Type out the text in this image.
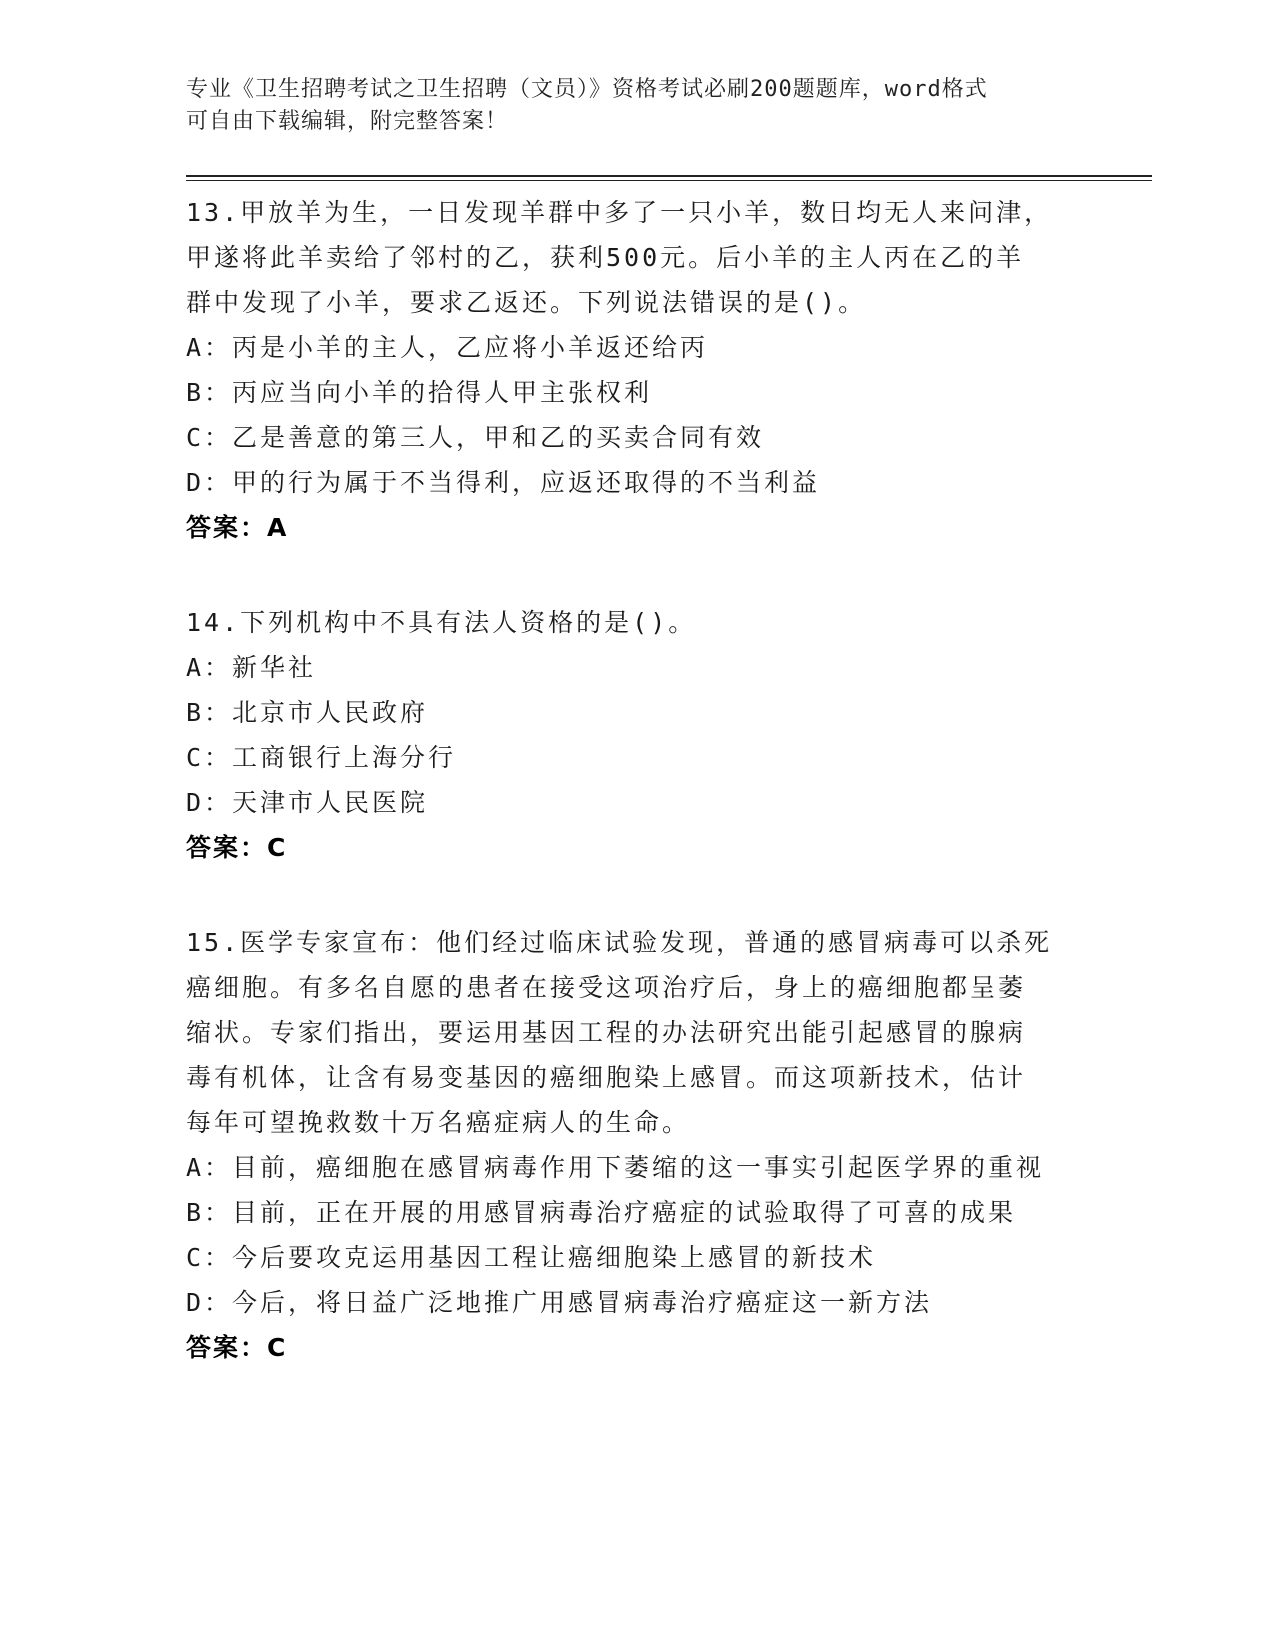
专业《卫生招聘考试之卫生招聘（文员）》资格考试必刷200题题库，word格式
可自由下载编辑，附完整答案！
13.甲放羊为生，一日发现羊群中多了一只小羊，数日均无人来问津，
甲遂将此羊卖给了邻村的乙，获利500元。后小羊的主人丙在乙的羊
群中发现了小羊，要求乙返还。下列说法错误的是()。
A：丙是小羊的主人，乙应将小羊返还给丙
B：丙应当向小羊的拾得人甲主张权利
C：乙是善意的第三人，甲和乙的买卖合同有效
D：甲的行为属于不当得利，应返还取得的不当利益
答案：A
14.下列机构中不具有法人资格的是()。
A：新华社
B：北京市人民政府
C：工商银行上海分行
D：天津市人民医院
答案：C
15.医学专家宣布：他们经过临床试验发现，普通的感冒病毒可以杀死
癌细胞。有多名自愿的患者在接受这项治疗后，身上的癌细胞都呈萎
缩状。专家们指出，要运用基因工程的办法研究出能引起感冒的腺病
毒有机体，让含有易变基因的癌细胞染上感冒。而这项新技术，估计
每年可望挽救数十万名癌症病人的生命。
A：目前，癌细胞在感冒病毒作用下萎缩的这一事实引起医学界的重视
B：目前，正在开展的用感冒病毒治疗癌症的试验取得了可喜的成果
C：今后要攻克运用基因工程让癌细胞染上感冒的新技术
D：今后，将日益广泛地推广用感冒病毒治疗癌症这一新方法
答案：C
